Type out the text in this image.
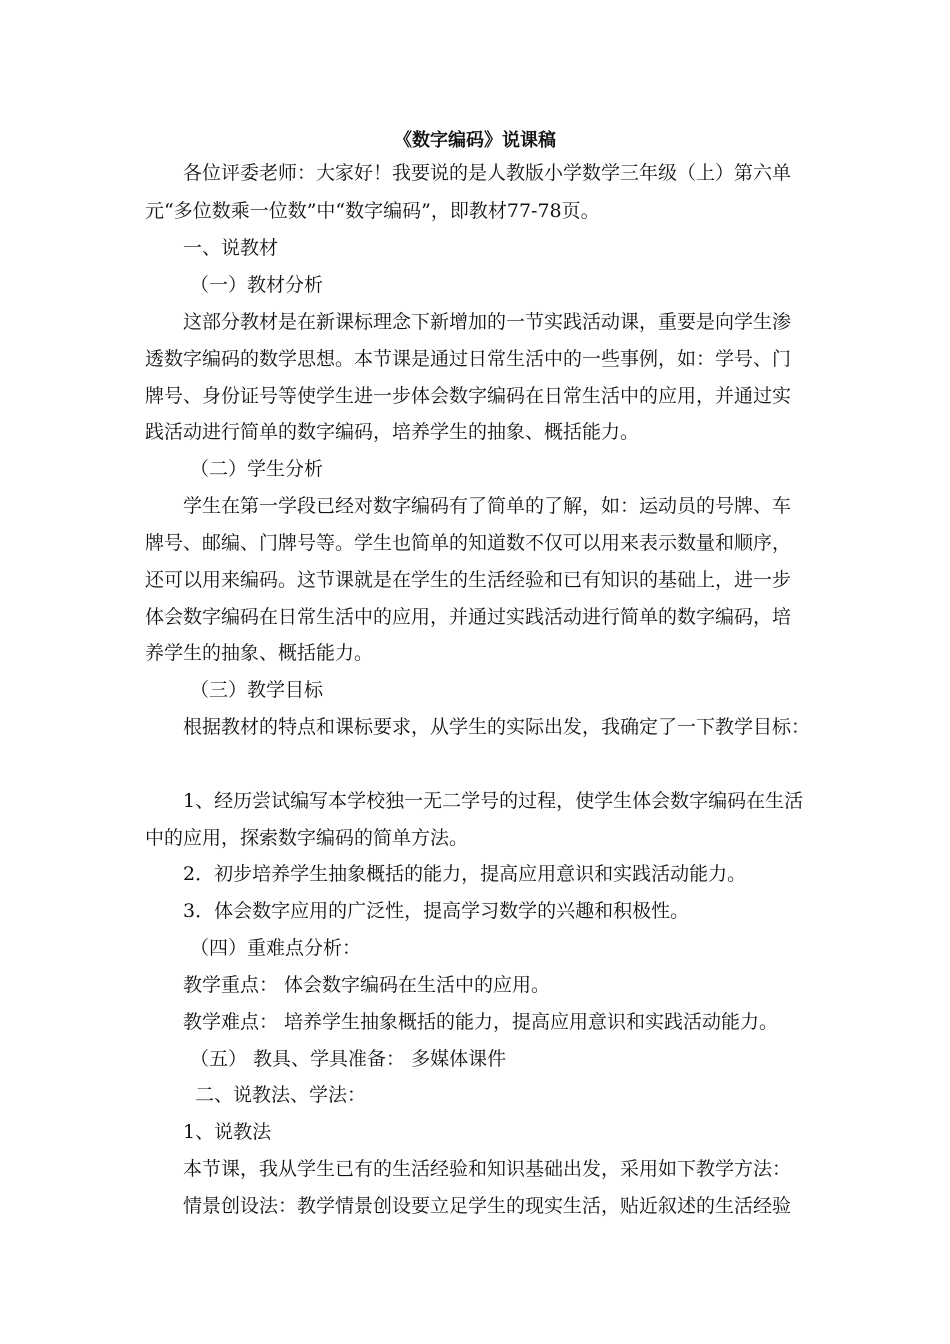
《数字编码》说课稿
各位评委老师：大家好！我要说的是人教版小学数学三年级（上）第六单
元“多位数乘一位数”中“数字编码”，即教材77-78页。
一、说教材
（一）教材分析
这部分教材是在新课标理念下新增加的一节实践活动课，重要是向学生渗
透数字编码的数学思想。本节课是通过日常生活中的一些事例，如：学号、门
牌号、身份证号等使学生进一步体会数字编码在日常生活中的应用，并通过实
践活动进行简单的数字编码，培养学生的抽象、概括能力。
（二）学生分析
学生在第一学段已经对数字编码有了简单的了解，如：运动员的号牌、车
牌号、邮编、门牌号等。学生也简单的知道数不仅可以用来表示数量和顺序，
还可以用来编码。这节课就是在学生的生活经验和已有知识的基础上，进一步
体会数字编码在日常生活中的应用，并通过实践活动进行简单的数字编码，培
养学生的抽象、概括能力。
（三）教学目标
根据教材的特点和课标要求，从学生的实际出发，我确定了一下教学目标：
1、经历尝试编写本学校独一无二学号的过程，使学生体会数字编码在生活
中的应用，探索数字编码的简单方法。
2．初步培养学生抽象概括的能力，提高应用意识和实践活动能力。
3．体会数字应用的广泛性，提高学习数学的兴趣和积极性。
（四）重难点分析：
教学重点： 体会数字编码在生活中的应用。
教学难点： 培养学生抽象概括的能力，提高应用意识和实践活动能力。
（五） 教具、学具准备： 多媒体课件
二、说教法、学法：
1、说教法
本节课，我从学生已有的生活经验和知识基础出发，采用如下教学方法：
情景创设法：教学情景创设要立足学生的现实生活，贴近叙述的生活经验
